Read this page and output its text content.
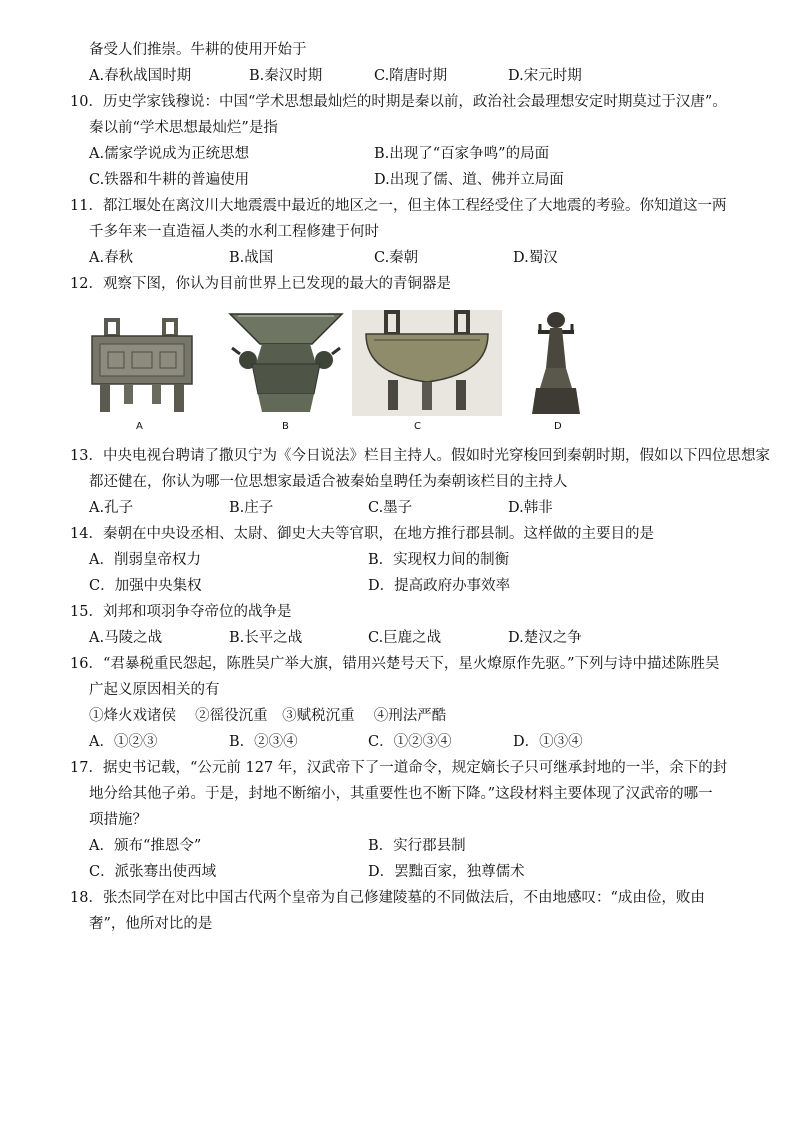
备受人们推崇。牛耕的使用开始于
A.春秋战国时期	B.秦汉时期	C.隋唐时期	D.宋元时期
10．历史学家钱穆说：中国“学术思想最灿烂的时期是秦以前，政治社会最理想安定时期莫过于汉唐”。
秦以前“学术思想最灿烂”是指
A.儒家学说成为正统思想	B.出现了“百家争鸣”的局面
C.铁器和牛耕的普遍使用	D.出现了儒、道、佛并立局面
11．都江堰处在离汶川大地震震中最近的地区之一，但主体工程经受住了大地震的考验。你知道这一两
千多年来一直造福人类的水利工程修建于何时
A.春秋	B.战国	C.秦朝	D.蜀汉
12．观察下图，你认为目前世界上已发现的最大的青铜器是
A	B	C	D
13．中央电视台聘请了撒贝宁为《今日说法》栏目主持人。假如时光穿梭回到秦朝时期，假如以下四位思想家
都还健在，你认为哪一位思想家最适合被秦始皇聘任为秦朝该栏目的主持人
A.孔子	B.庄子	C.墨子	D.韩非
14．秦朝在中央设丞相、太尉、御史大夫等官职，在地方推行郡县制。这样做的主要目的是
A．削弱皇帝权力	B．实现权力间的制衡
C．加强中央集权	D．提高政府办事效率
15．刘邦和项羽争夺帝位的战争是
A.马陵之战	B.长平之战	C.巨鹿之战	D.楚汉之争
16．“君暴税重民怨起，陈胜吴广举大旗，错用兴楚号天下，星火燎原作先驱。”下列与诗中描述陈胜吴
广起义原因相关的有
①烽火戏诸侯　 ②徭役沉重　③赋税沉重　 ④刑法严酷
A．①②③	B．②③④	C．①②③④	D．①③④
17．据史书记载，“公元前 127 年，汉武帝下了一道命令，规定嫡长子只可继承封地的一半，余下的封
地分给其他子弟。于是，封地不断缩小，其重要性也不断下降。”这段材料主要体现了汉武帝的哪一
项措施？
A．颁布“推恩令”	B．实行郡县制
C．派张骞出使西域	D．罢黜百家，独尊儒术
18．张杰同学在对比中国古代两个皇帝为自己修建陵墓的不同做法后，不由地感叹：“成由俭，败由
奢”，他所对比的是
